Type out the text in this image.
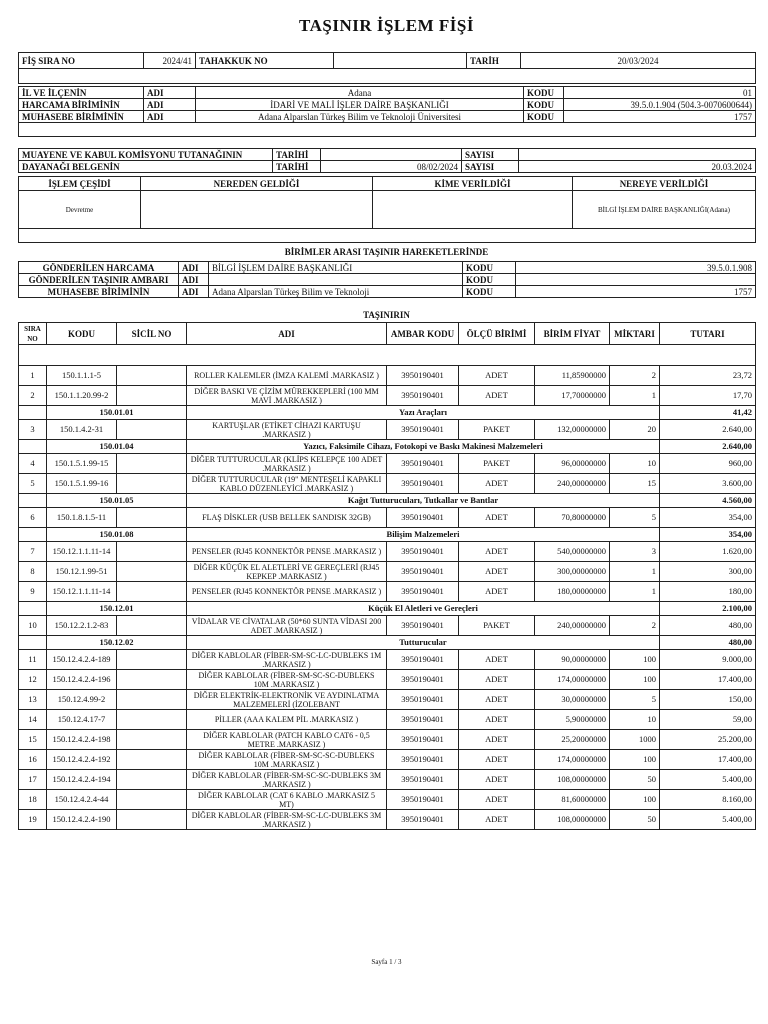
TAŞINIR İŞLEM FİŞİ
FİŞ SIRA NO	2024/41	TAHAKKUK NO		TARİH	20/03/2024

İL VE İLÇENİN	ADI	Adana	KODU	01
HARCAMA BİRİMİNİN	ADI	İDARİ VE MALİ İŞLER DAİRE BAŞKANLIĞI	KODU	39.5.0.1.904 (504.3-0070600644)
MUHASEBE BİRİMİNİN	ADI	Adana Alparslan Türkeş Bilim ve Teknoloji Üniversitesi	KODU	1757

MUAYENE VE KABUL KOMİSYONU TUTANAĞININ	TARİHİ		SAYISI	
DAYANAĞI BELGENİN	TARİHİ	08/02/2024	SAYISI	20.03.2024
İŞLEM ÇEŞİDİ	NEREDEN GELDİĞİ	KİME VERİLDİĞİ	NEREYE VERİLDİĞİ
Devretme			BİLGİ İŞLEM DAİRE BAŞKANLIĞI(Adana)

BİRİMLER ARASI TAŞINIR HAREKETLERİNDE
GÖNDERİLEN HARCAMA	ADI	BİLGİ İŞLEM DAİRE BAŞKANLIĞI	KODU	39.5.0.1.908
GÖNDERİLEN TAŞINIR AMBARI	ADI		KODU	
MUHASEBE BİRİMİNİN	ADI	Adana Alparslan Türkeş Bilim ve Teknoloji	KODU	1757
TAŞINIRIN
SIRA NO	KODU	SİCİL NO	ADI	AMBAR KODU	ÖLÇÜ BİRİMİ	BİRİM FİYAT	MİKTARI	TUTARI

1	150.1.1.1-5		ROLLER KALEMLER (İMZA KALEMİ .MARKASIZ )	3950190401	ADET	11,85900000	2	23,72
2	150.1.1.20.99-2		DİĞER BASKI VE ÇİZİM MÜREKKEPLERİ (100 MM MAVİ .MARKASIZ )	3950190401	ADET	17,70000000	1	17,70
	150.01.01		Yazı Araçları					41,42
3	150.1.4.2-31		KARTUŞLAR (ETİKET CİHAZI KARTUŞU .MARKASIZ )	3950190401	PAKET	132,00000000	20	2.640,00
	150.01.04		Yazıcı, Faksimile Cihazı, Fotokopi ve Baskı Makinesi Malzemeleri					2.640,00
4	150.1.5.1.99-15		DİĞER TUTTURUCULAR (KLİPS KELEPÇE 100 ADET .MARKASIZ )	3950190401	PAKET	96,00000000	10	960,00
5	150.1.5.1.99-16		DİĞER TUTTURUCULAR (19" MENTEŞELİ KAPAKLI KABLO DÜZENLEYİCİ .MARKASIZ )	3950190401	ADET	240,00000000	15	3.600,00
	150.01.05		Kağıt Tutturucuları, Tutkallar ve Bantlar					4.560,00
6	150.1.8.1.5-11		FLAŞ DİSKLER (USB BELLEK SANDISK 32GB)	3950190401	ADET	70,80000000	5	354,00
	150.01.08		Bilişim Malzemeleri					354,00
7	150.12.1.1.11-14		PENSELER (RJ45 KONNEKTÖR PENSE .MARKASIZ )	3950190401	ADET	540,00000000	3	1.620,00
8	150.12.1.99-51		DİĞER KÜÇÜK EL ALETLERİ VE GEREÇLERİ (RJ45 KEPKEP .MARKASIZ )	3950190401	ADET	300,00000000	1	300,00
9	150.12.1.1.11-14		PENSELER (RJ45 KONNEKTÖR PENSE .MARKASIZ )	3950190401	ADET	180,00000000	1	180,00
	150.12.01		Küçük El Aletleri ve Gereçleri					2.100,00
10	150.12.2.1.2-83		VİDALAR VE CİVATALAR (50*60 SUNTA VİDASI 200 ADET .MARKASIZ )	3950190401	PAKET	240,00000000	2	480,00
	150.12.02		Tutturucular					480,00
11	150.12.4.2.4-189		DİĞER KABLOLAR (FİBER-SM-SC-LC-DUBLEKS 1M .MARKASIZ )	3950190401	ADET	90,00000000	100	9.000,00
12	150.12.4.2.4-196		DİĞER KABLOLAR (FİBER-SM-SC-SC-DUBLEKS 10M .MARKASIZ )	3950190401	ADET	174,00000000	100	17.400,00
13	150.12.4.99-2		DİĞER ELEKTRİK-ELEKTRONİK VE AYDINLATMA MALZEMELERİ (İZOLEBANT	3950190401	ADET	30,00000000	5	150,00
14	150.12.4.17-7		PİLLER (AAA KALEM PİL .MARKASIZ )	3950190401	ADET	5,90000000	10	59,00
15	150.12.4.2.4-198		DİĞER KABLOLAR (PATCH KABLO CAT6 - 0,5 METRE .MARKASIZ )	3950190401	ADET	25,20000000	1000	25.200,00
16	150.12.4.2.4-192		DİĞER KABLOLAR (FİBER-SM-SC-SC-DUBLEKS 10M .MARKASIZ )	3950190401	ADET	174,00000000	100	17.400,00
17	150.12.4.2.4-194		DİĞER KABLOLAR (FİBER-SM-SC-SC-DUBLEKS 3M .MARKASIZ )	3950190401	ADET	108,00000000	50	5.400,00
18	150.12.4.2.4-44		DİĞER KABLOLAR (CAT 6 KABLO .MARKASIZ 5 MT)	3950190401	ADET	81,60000000	100	8.160,00
19	150.12.4.2.4-190		DİĞER KABLOLAR (FİBER-SM-SC-LC-DUBLEKS 3M .MARKASIZ )	3950190401	ADET	108,00000000	50	5.400,00
Sayfa 1 / 3
